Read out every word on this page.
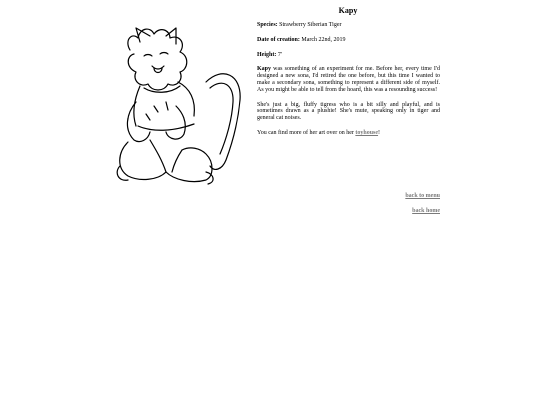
Kapy

Species: Strawberry Siberian Tiger

Date of creation: March 22nd, 2019

Height: 7'

Kapy was something of an experiment for me. Before her, every time I'd designed a new sona, I'd retired the one before, but this time I wanted to make a secondary sona, something to represent a different side of myself. As you might be able to tell from the hoard, this was a resounding success!

She's just a big, fluffy tigress who is a bit silly and playful, and is sometimes drawn as a plushie! She's mute, speaking only in tiger and general cat noises.

You can find more of her art over on her toyhouse!

back to menu
back home
